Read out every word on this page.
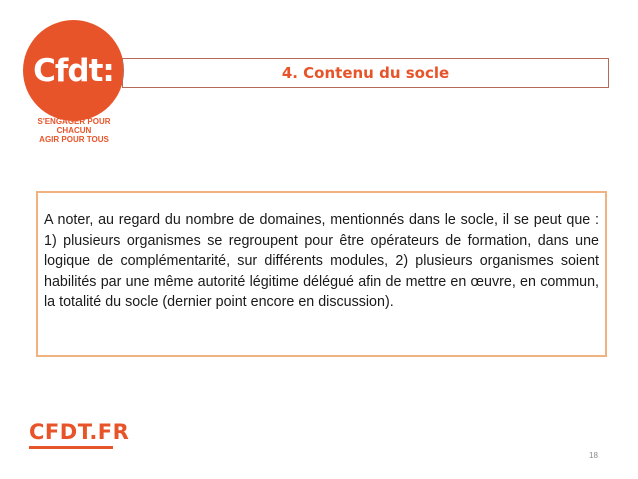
Cfdt:
S'ENGAGER POUR CHACUN
AGIR POUR TOUS
4. Contenu du socle

A noter, au regard du nombre de domaines, mentionnés dans le socle, il se peut que : 1) plusieurs organismes se regroupent pour être opérateurs de formation, dans une logique de complémentarité, sur différents modules, 2) plusieurs organismes soient habilités par une même autorité légitime délégué afin de mettre en œuvre, en commun, la totalité du socle (dernier point encore en discussion).

CFDT.FR
18
